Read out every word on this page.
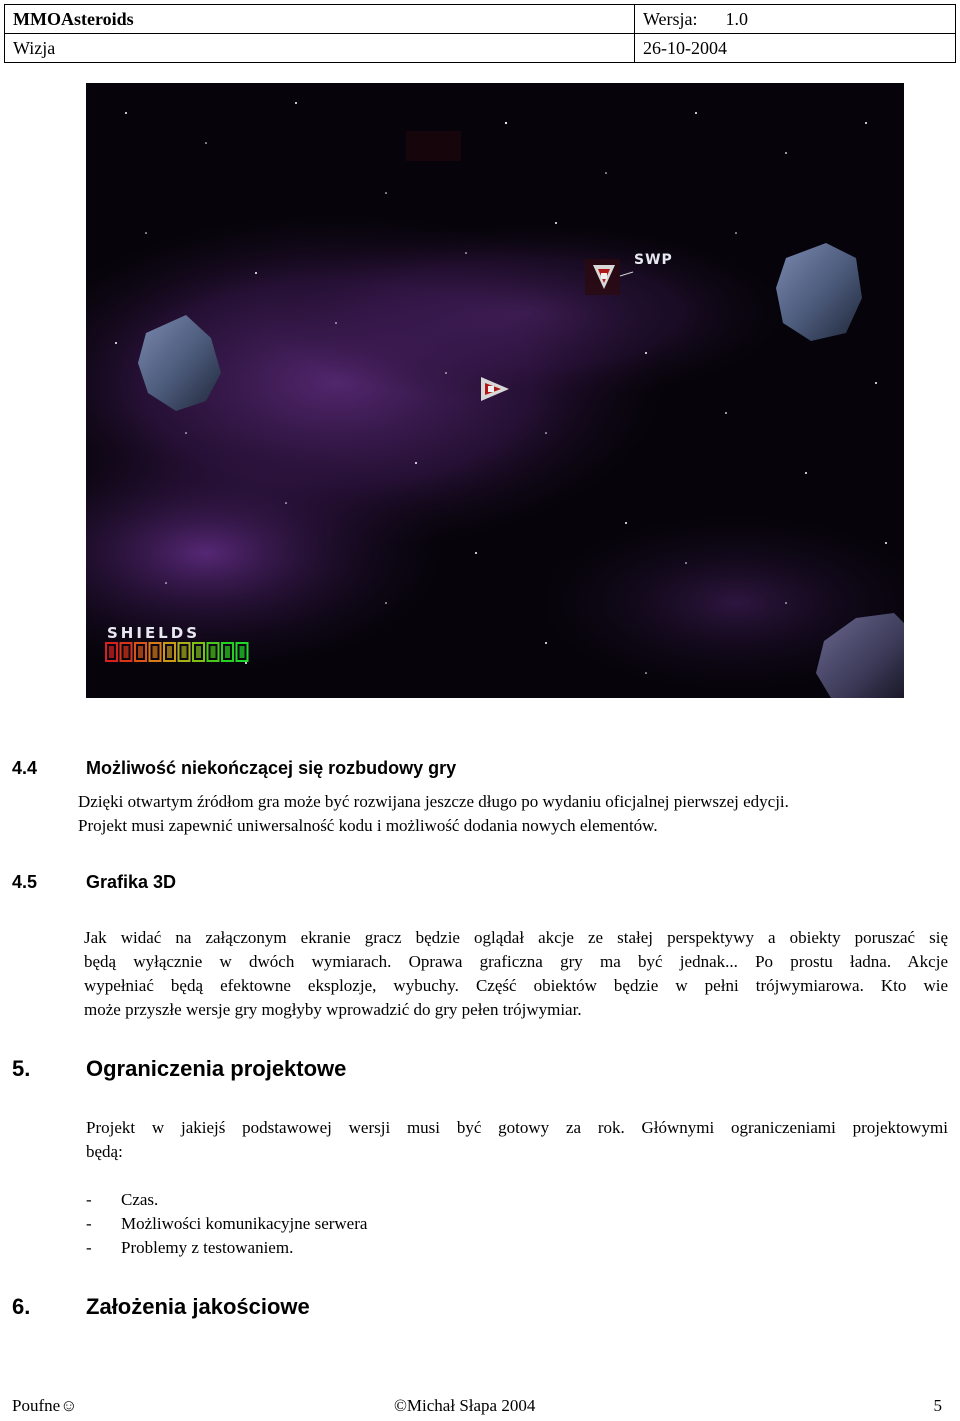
MMOAsteroids	Wersja: 1.0
Wizja	26-10-2004
SWP
SHIELDS
4.4	Możliwość niekończącej się rozbudowy gry
Dzięki otwartym źródłom gra może być rozwijana jeszcze długo po wydaniu oficjalnej pierwszej edycji.
Projekt musi zapewnić uniwersalność kodu i możliwość dodania nowych elementów.
4.5	Grafika 3D
Jak widać na załączonym ekranie gracz będzie oglądał akcje ze stałej perspektywy a obiekty poruszać się
będą wyłącznie w dwóch wymiarach. Oprawa graficzna gry ma być jednak... Po prostu ładna. Akcje
wypełniać będą efektowne eksplozje, wybuchy. Część obiektów będzie w pełni trójwymiarowa. Kto wie
może przyszłe wersje gry mogłyby wprowadzić do gry pełen trójwymiar.
5.	Ograniczenia projektowe
Projekt w jakiejś podstawowej wersji musi być gotowy za rok. Głównymi ograniczeniami projektowymi
będą:
-	Czas.
-	Możliwości komunikacyjne serwera
-	Problemy z testowaniem.
6.	Założenia jakościowe
Poufne☺	©Michał Słapa 2004	5
